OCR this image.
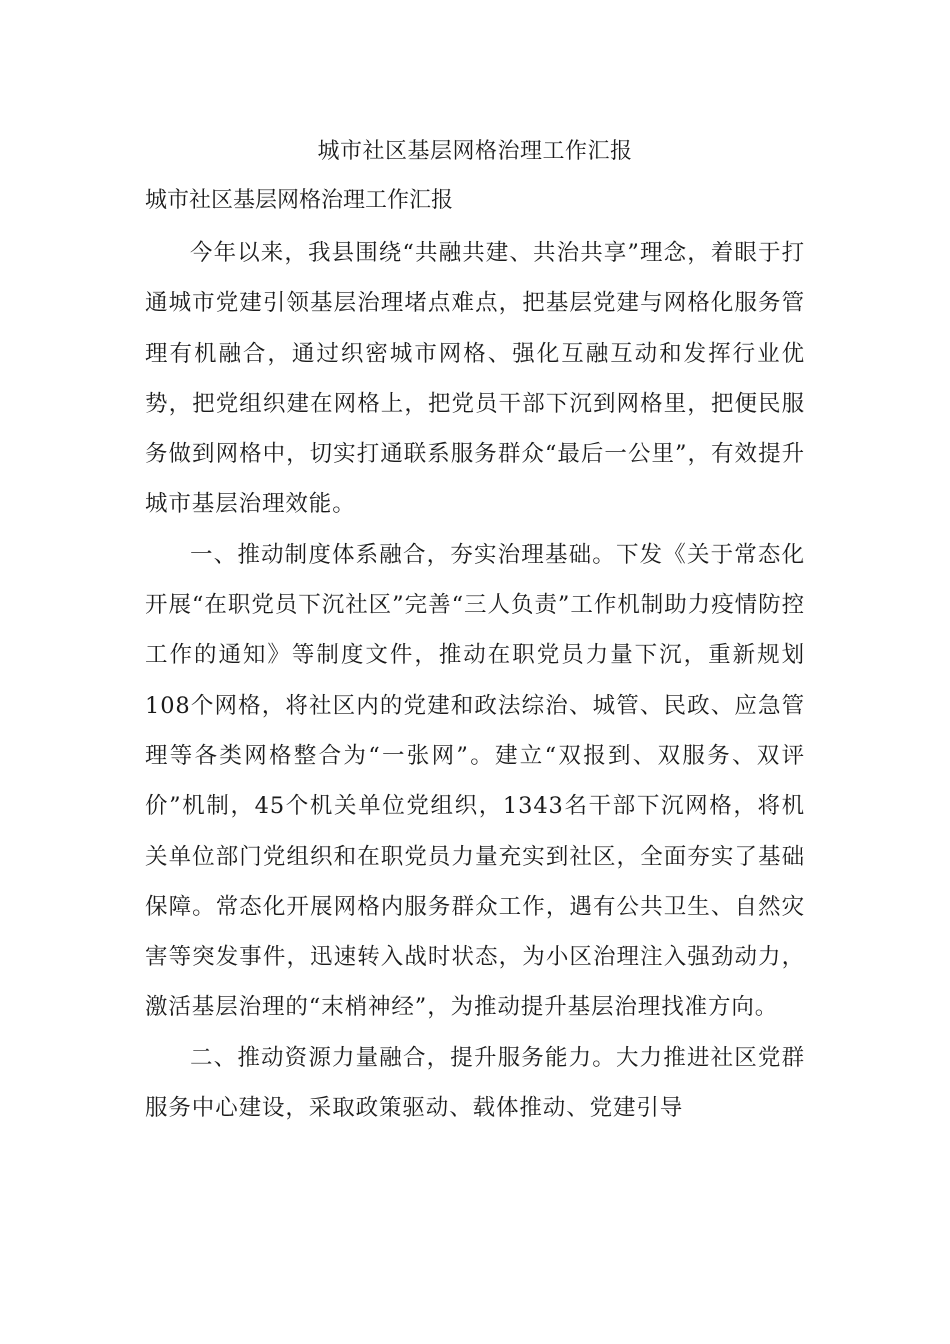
城市社区基层网格治理工作汇报
城市社区基层网格治理工作汇报

今年以来，我县围绕“共融共建、共治共享”理念，着眼于打通城市党建引领基层治理堵点难点，把基层党建与网格化服务管理有机融合，通过织密城市网格、强化互融互动和发挥行业优势，把党组织建在网格上，把党员干部下沉到网格里，把便民服务做到网格中，切实打通联系服务群众“最后一公里”，有效提升城市基层治理效能。

一、推动制度体系融合，夯实治理基础。下发《关于常态化开展“在职党员下沉社区”完善“三人负责”工作机制助力疫情防控工作的通知》等制度文件，推动在职党员力量下沉，重新规划108个网格，将社区内的党建和政法综治、城管、民政、应急管理等各类网格整合为“一张网”。建立“双报到、双服务、双评价”机制，45个机关单位党组织，1343名干部下沉网格，将机关单位部门党组织和在职党员力量充实到社区，全面夯实了基础保障。常态化开展网格内服务群众工作，遇有公共卫生、自然灾害等突发事件，迅速转入战时状态，为小区治理注入强劲动力，激活基层治理的“末梢神经”，为推动提升基层治理找准方向。

二、推动资源力量融合，提升服务能力。大力推进社区党群服务中心建设，采取政策驱动、载体推动、党建引导
